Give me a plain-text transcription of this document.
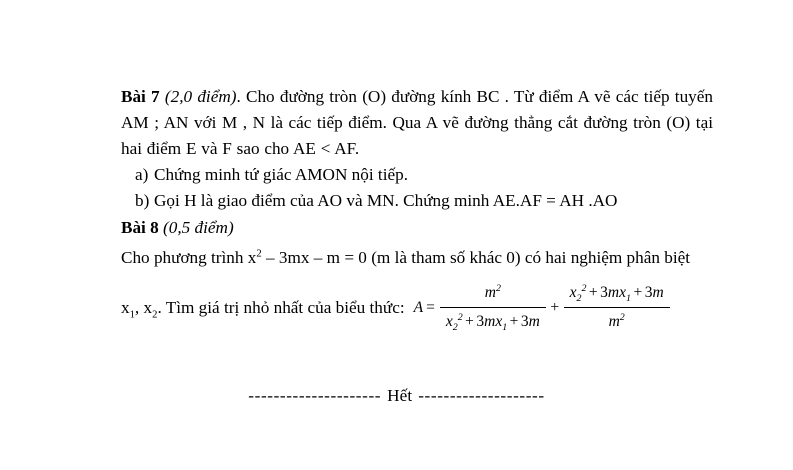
Bài 7 (2,0 điểm). Cho đường tròn (O) đường kính BC . Từ điểm A vẽ các tiếp tuyến AM ; AN với M , N là các tiếp điểm. Qua A vẽ đường thẳng cắt đường tròn (O) tại hai điểm E và F sao cho AE < AF.

a) Chứng minh tứ giác AMON nội tiếp.

b) Gọi H là giao điểm của AO và MN. Chứng minh AE.AF = AH .AO

Bài 8 (0,5 điểm)

Cho phương trình $x^2 - 3mx - m = 0$ (m là tham số khác 0) có hai nghiệm phân biệt

$x_1$, $x_2$. Tìm giá trị nhỏ nhất của biểu thức: $A = \frac{m^2}{x_2^2 + 3mx_1 + 3m} + \frac{x_2^2 + 3mx_1 + 3m}{m^2}$
--------------------- Hết --------------------
